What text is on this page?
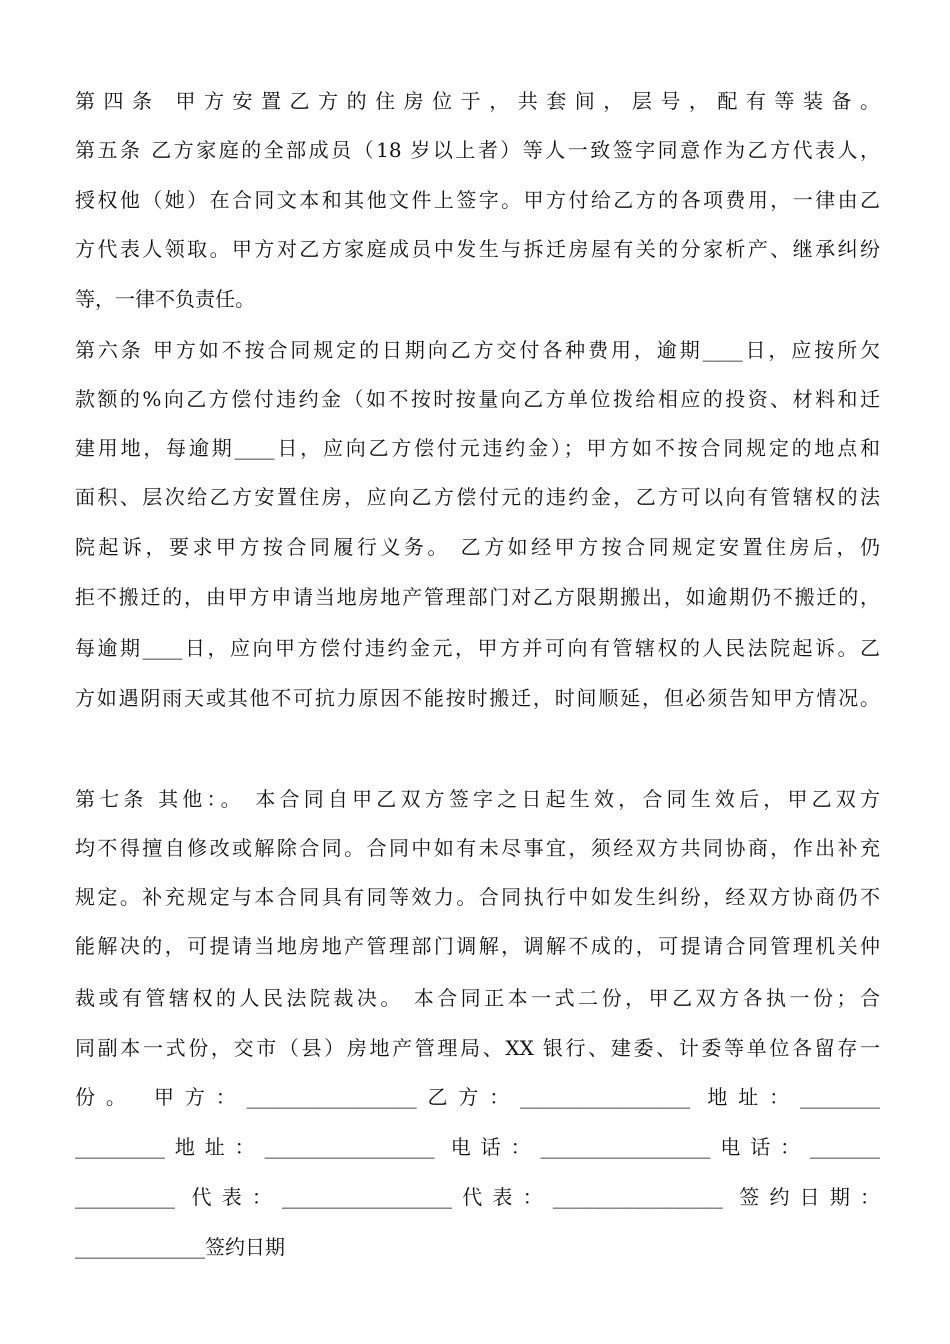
第四条 甲方安置乙方的住房位于，共套间，层号，配有等装备。
第五条 乙方家庭的全部成员（18 岁以上者）等人一致签字同意作为乙方代表人，
授权他（她）在合同文本和其他文件上签字。甲方付给乙方的各项费用，一律由乙
方代表人领取。甲方对乙方家庭成员中发生与拆迁房屋有关的分家析产、继承纠纷
等，一律不负责任。
第六条 甲方如不按合同规定的日期向乙方交付各种费用，逾期____日，应按所欠
款额的%向乙方偿付违约金（如不按时按量向乙方单位拨给相应的投资、材料和迁
建用地，每逾期____日，应向乙方偿付元违约金）；甲方如不按合同规定的地点和
面积、层次给乙方安置住房，应向乙方偿付元的违约金，乙方可以向有管辖权的法
院起诉，要求甲方按合同履行义务。 乙方如经甲方按合同规定安置住房后，仍
拒不搬迁的，由甲方申请当地房地产管理部门对乙方限期搬出，如逾期仍不搬迁的，
每逾期____日，应向甲方偿付违约金元，甲方并可向有管辖权的人民法院起诉。乙
方如遇阴雨天或其他不可抗力原因不能按时搬迁，时间顺延，但必须告知甲方情况。
第七条 其他：。 本合同自甲乙双方签字之日起生效，合同生效后，甲乙双方
均不得擅自修改或解除合同。合同中如有未尽事宜，须经双方共同协商，作出补充
规定。补充规定与本合同具有同等效力。合同执行中如发生纠纷，经双方协商仍不
能解决的，可提请当地房地产管理部门调解，调解不成的，可提请合同管理机关仲
裁或有管辖权的人民法院裁决。 本合同正本一式二份，甲乙双方各执一份；合
同副本一式份，交市（县）房地产管理局、XX 银行、建委、计委等单位各留存一
份。 甲方：_________________乙方：_________________ 地址：________
_________地址：_________________ 电话：_________________电话：_______
__________ 代表：_________________代表：_________________ 签约日期：
_____________签约日期
